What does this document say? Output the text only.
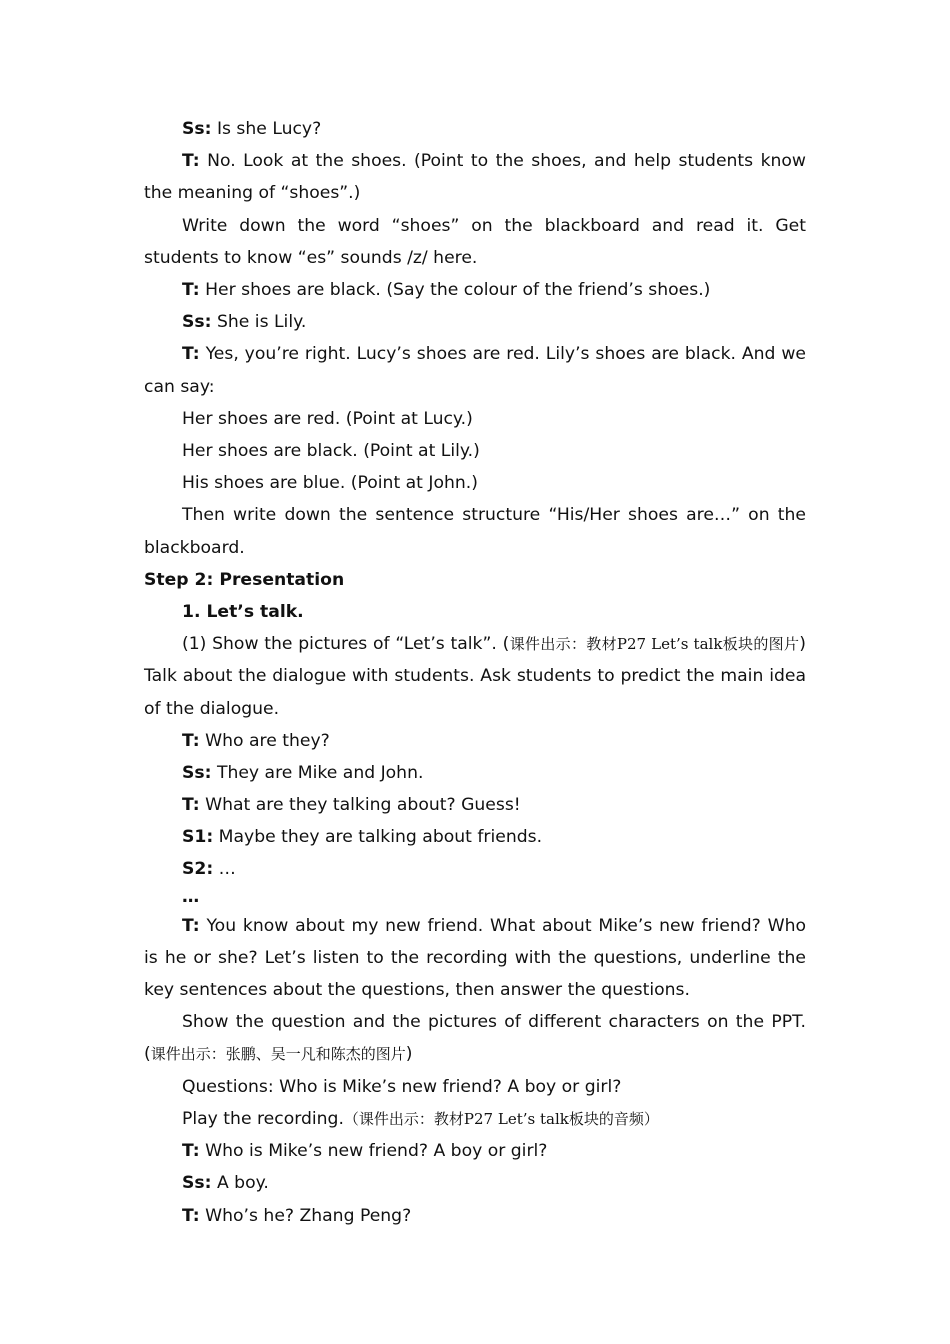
Ss: Is she Lucy?

T: No. Look at the shoes. (Point to the shoes, and help students know the meaning of “shoes”.)

Write down the word “shoes” on the blackboard and read it. Get students to know “es” sounds /z/ here.

T: Her shoes are black. (Say the colour of the friend’s shoes.)

Ss: She is Lily.

T: Yes, you’re right. Lucy’s shoes are red. Lily’s shoes are black. And we can say:

Her shoes are red. (Point at Lucy.)

Her shoes are black. (Point at Lily.)

His shoes are blue. (Point at John.)

Then write down the sentence structure “His/Her shoes are…” on the blackboard.

Step 2: Presentation

1. Let’s talk.

(1) Show the pictures of “Let’s talk”. (课件出示：教材P27 Let’s talk板块的图片) Talk about the dialogue with students. Ask students to predict the main idea of the dialogue.

T: Who are they?

Ss: They are Mike and John.

T: What are they talking about? Guess!

S1: Maybe they are talking about friends.

S2: …

…

T: You know about my new friend. What about Mike’s new friend? Who is he or she? Let’s listen to the recording with the questions, underline the key sentences about the questions, then answer the questions.

Show the question and the pictures of different characters on the PPT. (课件出示：张鹏、吴一凡和陈杰的图片)

Questions: Who is Mike’s new friend? A boy or girl?

Play the recording.（课件出示：教材P27 Let’s talk板块的音频）

T: Who is Mike’s new friend? A boy or girl?

Ss: A boy.

T: Who’s he? Zhang Peng?
